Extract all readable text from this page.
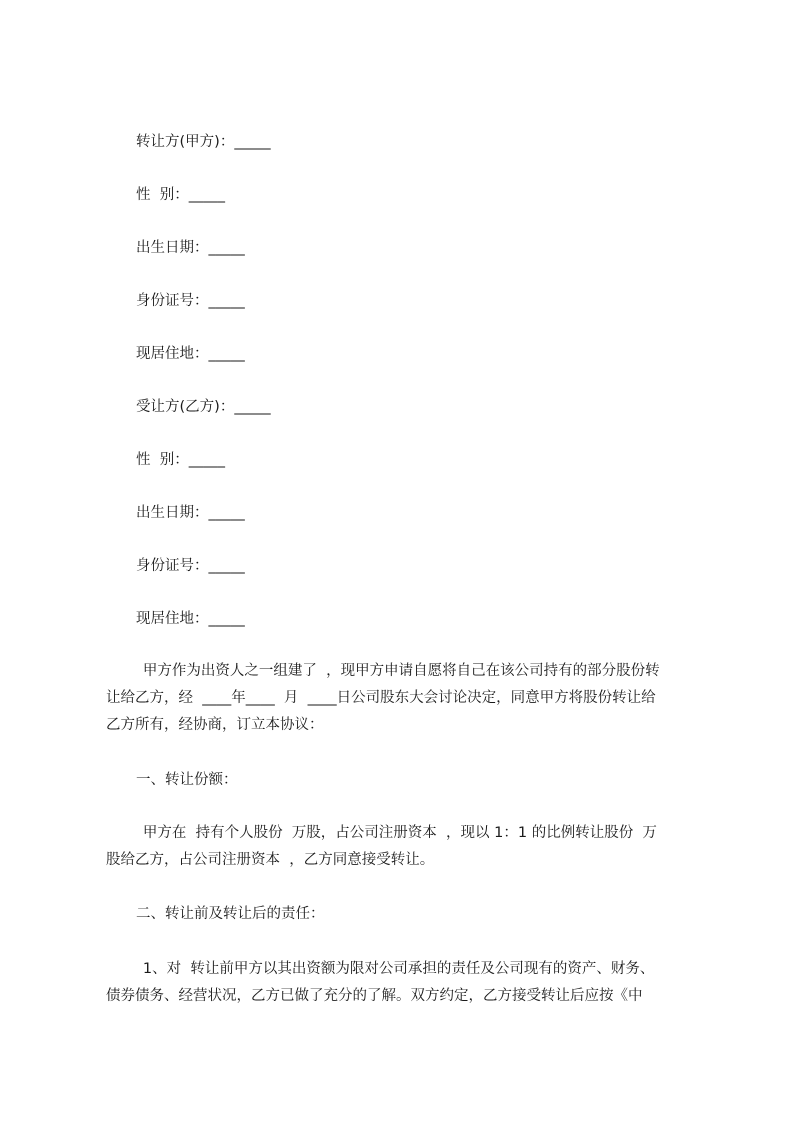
转让方(甲方)：_____
性  别：_____
出生日期：_____
身份证号：_____
现居住地：_____
受让方(乙方)：_____
性  别：_____
出生日期：_____
身份证号：_____
现居住地：_____
甲方作为出资人之一组建了  ，现甲方申请自愿将自己在该公司持有的部分股份转
让给乙方，经  ____年____  月  ____日公司股东大会讨论决定，同意甲方将股份转让给
乙方所有，经协商，订立本协议：
一、转让份额：
甲方在  持有个人股份  万股，占公司注册资本  ，现以 1：1 的比例转让股份  万
股给乙方，占公司注册资本  ，乙方同意接受转让。
二、转让前及转让后的责任：
1、对  转让前甲方以其出资额为限对公司承担的责任及公司现有的资产、财务、
债券债务、经营状况，乙方已做了充分的了解。双方约定，乙方接受转让后应按《中
